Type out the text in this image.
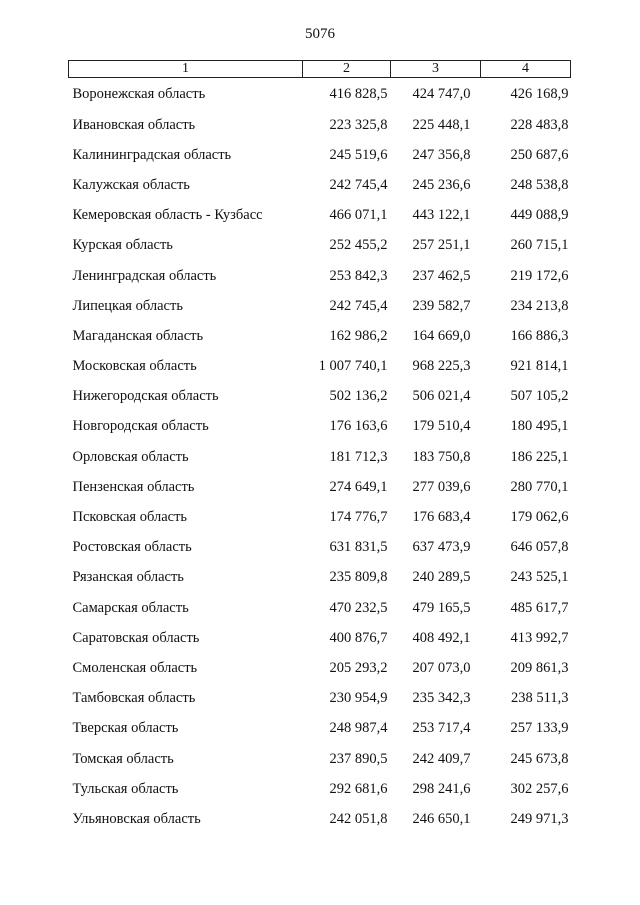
5076
1	2	3	4
Воронежская область	416 828,5	424 747,0	426 168,9
Ивановская область	223 325,8	225 448,1	228 483,8
Калининградская область	245 519,6	247 356,8	250 687,6
Калужская область	242 745,4	245 236,6	248 538,8
Кемеровская область - Кузбасс	466 071,1	443 122,1	449 088,9
Курская область	252 455,2	257 251,1	260 715,1
Ленинградская область	253 842,3	237 462,5	219 172,6
Липецкая область	242 745,4	239 582,7	234 213,8
Магаданская область	162 986,2	164 669,0	166 886,3
Московская область	1 007 740,1	968 225,3	921 814,1
Нижегородская область	502 136,2	506 021,4	507 105,2
Новгородская область	176 163,6	179 510,4	180 495,1
Орловская область	181 712,3	183 750,8	186 225,1
Пензенская область	274 649,1	277 039,6	280 770,1
Псковская область	174 776,7	176 683,4	179 062,6
Ростовская область	631 831,5	637 473,9	646 057,8
Рязанская область	235 809,8	240 289,5	243 525,1
Самарская область	470 232,5	479 165,5	485 617,7
Саратовская область	400 876,7	408 492,1	413 992,7
Смоленская область	205 293,2	207 073,0	209 861,3
Тамбовская область	230 954,9	235 342,3	238 511,3
Тверская область	248 987,4	253 717,4	257 133,9
Томская область	237 890,5	242 409,7	245 673,8
Тульская область	292 681,6	298 241,6	302 257,6
Ульяновская область	242 051,8	246 650,1	249 971,3
